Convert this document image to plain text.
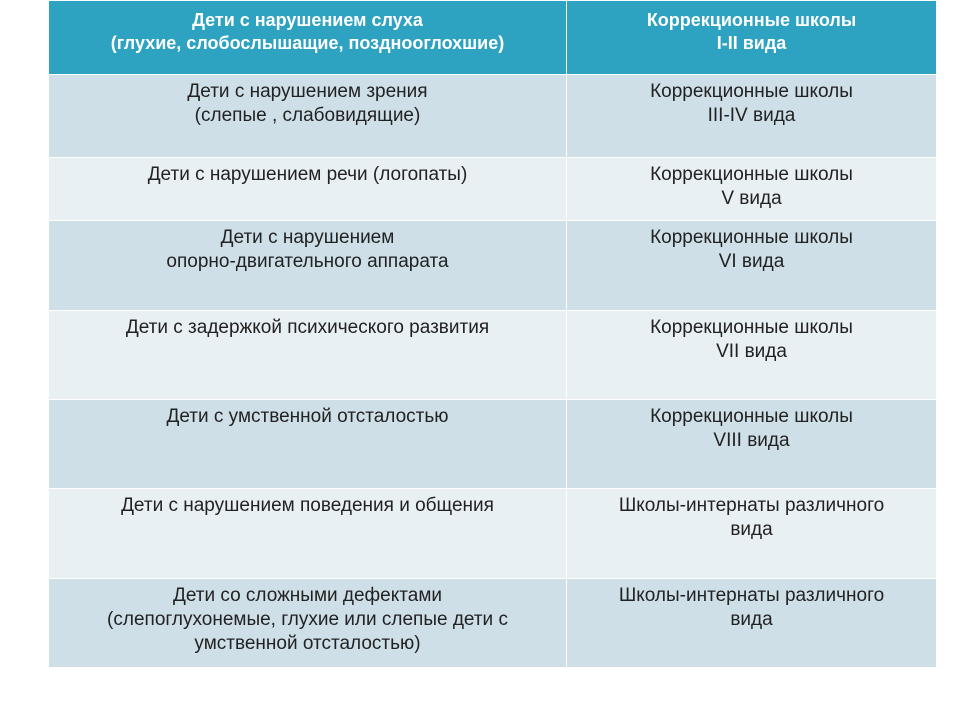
Дети с нарушением слуха
(глухие, слобослышащие, позднооглохшие)	Коррекционные школы
I-II вида

Дети с нарушением зрения
(слепые , слабовидящие)	Коррекционные школы
III-IV вида

Дети с нарушением речи (логопаты)	Коррекционные школы
V вида

Дети с нарушением
опорно-двигательного аппарата	Коррекционные школы
VI вида

Дети с задержкой психического развития	Коррекционные школы
VII вида

Дети с умственной отсталостью	Коррекционные школы
VIII вида

Дети с нарушением поведения и общения	Школы-интернаты различного
вида

Дети со сложными дефектами
(слепоглухонемые, глухие или слепые дети с
умственной отсталостью)	Школы-интернаты различного
вида
